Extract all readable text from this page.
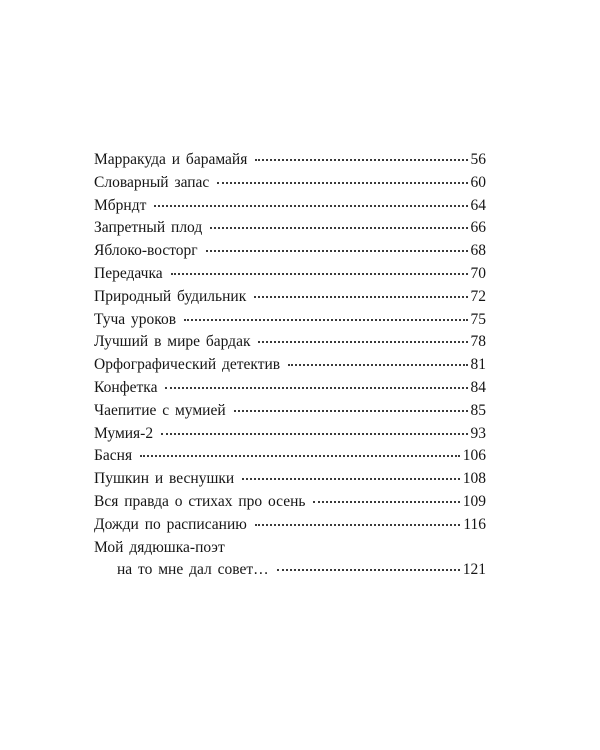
Марракуда и барамайя	56
Словарный запас	60
Мбрндт	64
Запретный плод	66
Яблоко-восторг	68
Передачка	70
Природный будильник	72
Туча уроков	75
Лучший в мире бардак	78
Орфографический детектив	81
Конфетка	84
Чаепитие с мумией	85
Мумия-2	93
Басня	106
Пушкин и веснушки	108
Вся правда о стихах про осень	109
Дожди по расписанию	116
Мой дядюшка-поэт
на то мне дал совет…	121
